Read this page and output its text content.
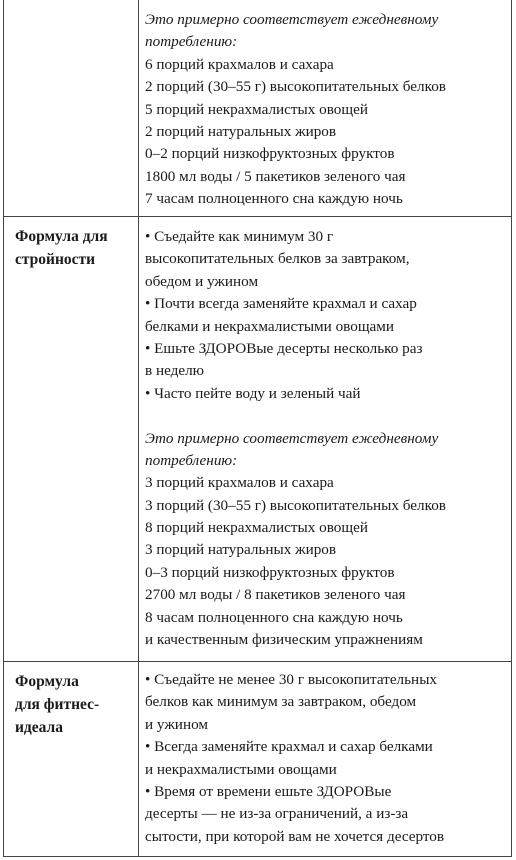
Это примерно соответствует ежедневному
потреблению:
6 порций крахмалов и сахара
2 порций (30–55 г) высокопитательных белков
5 порций некрахмалистых овощей
2 порций натуральных жиров
0–2 порций низкофруктозных фруктов
1800 мл воды / 5 пакетиков зеленого чая
7 часам полноценного сна каждую ночь
Формула для
стройности
• Съедайте как минимум 30 г
высокопитательных белков за завтраком,
обедом и ужином
• Почти всегда заменяйте крахмал и сахар
белками и некрахмалистыми овощами
• Ешьте ЗДОРОВые десерты несколько раз
в неделю
• Часто пейте воду и зеленый чай
Это примерно соответствует ежедневному
потреблению:
3 порций крахмалов и сахара
3 порций (30–55 г) высокопитательных белков
8 порций некрахмалистых овощей
3 порций натуральных жиров
0–3 порций низкофруктозных фруктов
2700 мл воды / 8 пакетиков зеленого чая
8 часам полноценного сна каждую ночь
и качественным физическим упражнениям
Формула
для фитнес-
идеала
• Съедайте не менее 30 г высокопитательных
белков как минимум за завтраком, обедом
и ужином
• Всегда заменяйте крахмал и сахар белками
и некрахмалистыми овощами
• Время от времени ешьте ЗДОРОВые
десерты — не из-за ограничений, а из-за
сытости, при которой вам не хочется десертов
